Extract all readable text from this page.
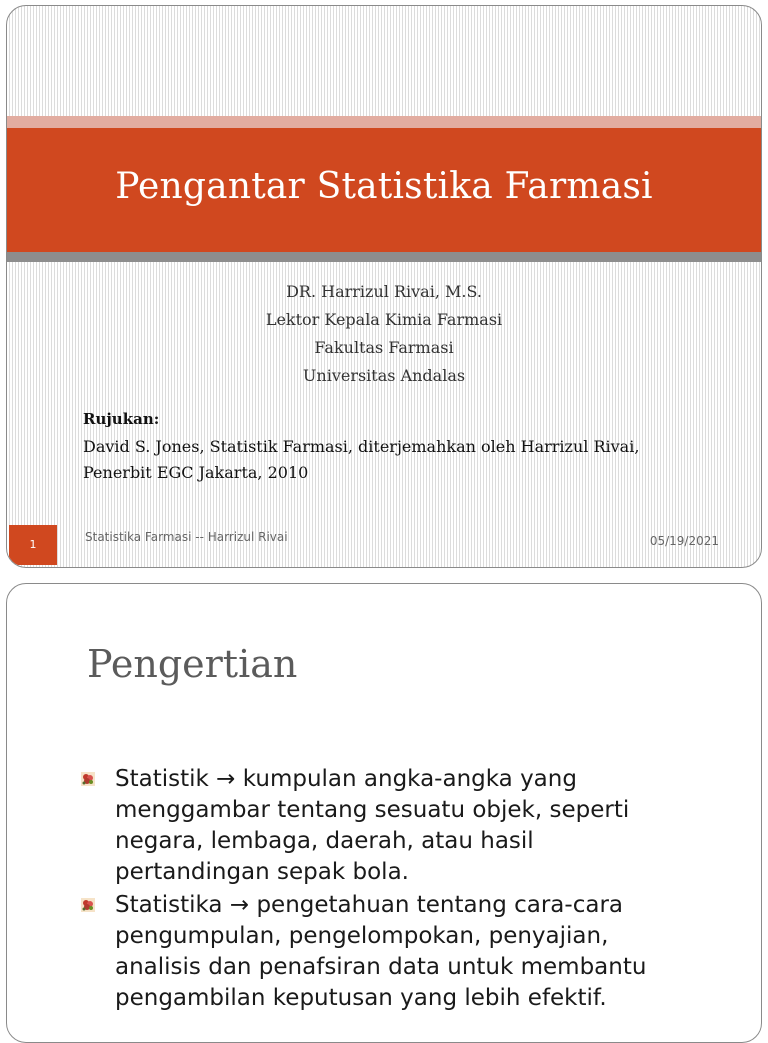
Pengantar Statistika Farmasi
DR. Harrizul Rivai, M.S.
Lektor Kepala Kimia Farmasi
Fakultas Farmasi
Universitas Andalas
Rujukan:
David S. Jones, Statistik Farmasi, diterjemahkan oleh Harrizul Rivai,
Penerbit EGC Jakarta, 2010
1
Statistika Farmasi -- Harrizul Rivai	05/19/2021
Pengertian
Statistik → kumpulan angka-angka yang
menggambar tentang sesuatu objek, seperti
negara, lembaga, daerah, atau hasil
pertandingan sepak bola.
Statistika → pengetahuan tentang cara-cara
pengumpulan, pengelompokan, penyajian,
analisis dan penafsiran data untuk membantu
pengambilan keputusan yang lebih efektif.
